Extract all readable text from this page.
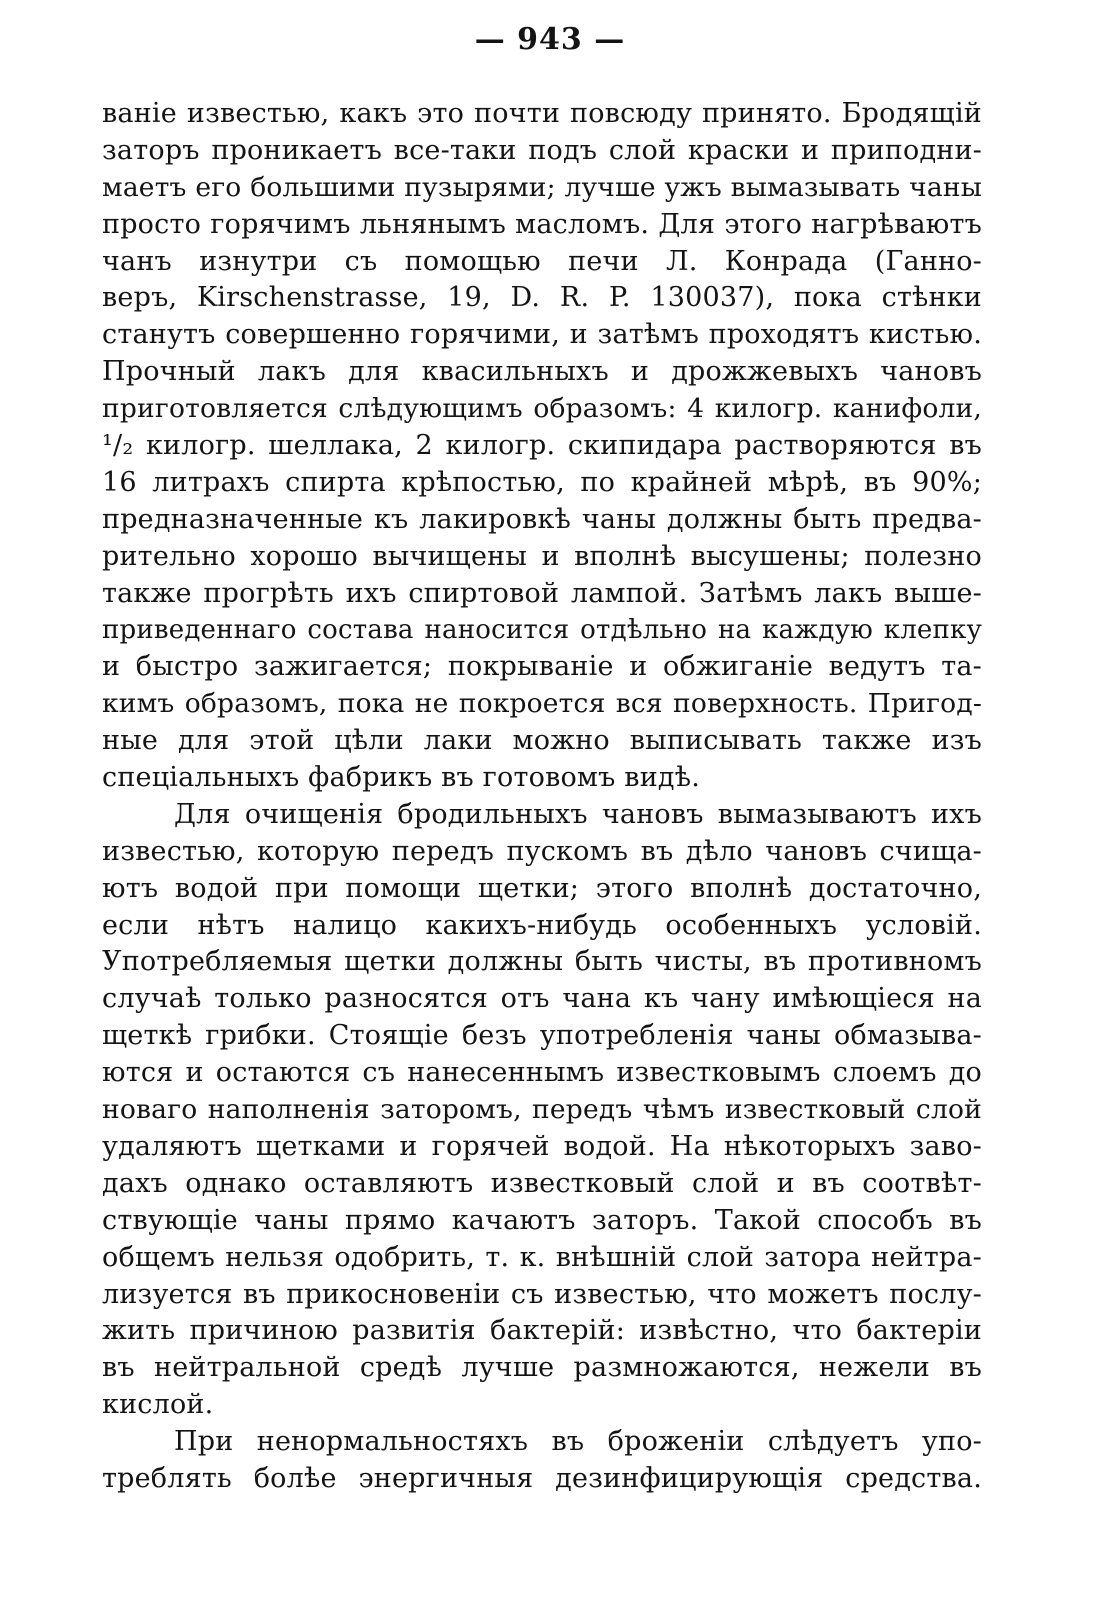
— 943 —
ваніе известью, какъ это почти повсюду принято. Бродящій
заторъ проникаетъ все-таки подъ слой краски и приподни-
маетъ его большими пузырями; лучше ужъ вымазывать чаны
просто горячимъ льнянымъ масломъ. Для этого нагрѣваютъ
чанъ изнутри съ помощью печи Л. Конрада (Ганно-
веръ, Kirschenstrasse, 19, D. R. P. 130037), пока стѣнки
станутъ совершенно горячими, и затѣмъ проходятъ кистью.
Прочный лакъ для квасильныхъ и дрожжевыхъ чановъ
приготовляется слѣдующимъ образомъ: 4 килогр. канифоли,
¹/₂ килогр. шеллака, 2 килогр. скипидара растворяются въ
16 литрахъ спирта крѣпостью, по крайней мѣрѣ, въ 90%;
предназначенные къ лакировкѣ чаны должны быть предва-
рительно хорошо вычищены и вполнѣ высушены; полезно
также прогрѣть ихъ спиртовой лампой. Затѣмъ лакъ выше-
приведеннаго состава наносится отдѣльно на каждую клепку
и быстро зажигается; покрываніе и обжиганіе ведутъ та-
кимъ образомъ, пока не покроется вся поверхность. Пригод-
ные для этой цѣли лаки можно выписывать также изъ
спеціальныхъ фабрикъ въ готовомъ видѣ.
Для очищенія бродильныхъ чановъ вымазываютъ ихъ
известью, которую передъ пускомъ въ дѣло чановъ счища-
ютъ водой при помощи щетки; этого вполнѣ достаточно,
если нѣтъ налицо какихъ-нибудь особенныхъ условій.
Употребляемыя щетки должны быть чисты, въ противномъ
случаѣ только разносятся отъ чана къ чану имѣющіеся на
щеткѣ грибки. Стоящіе безъ употребленія чаны обмазыва-
ются и остаются съ нанесеннымъ известковымъ слоемъ до
новаго наполненія заторомъ, передъ чѣмъ известковый слой
удаляютъ щетками и горячей водой. На нѣкоторыхъ заво-
дахъ однако оставляютъ известковый слой и въ соотвѣт-
ствующіе чаны прямо качаютъ заторъ. Такой способъ въ
общемъ нельзя одобрить, т. к. внѣшній слой затора нейтра-
лизуется въ прикосновеніи съ известью, что можетъ послу-
жить причиною развитія бактерій: извѣстно, что бактеріи
въ нейтральной средѣ лучше размножаются, нежели въ
кислой.
При ненормальностяхъ въ броженіи слѣдуетъ упо-
треблять болѣе энергичныя дезинфицирующія средства.
